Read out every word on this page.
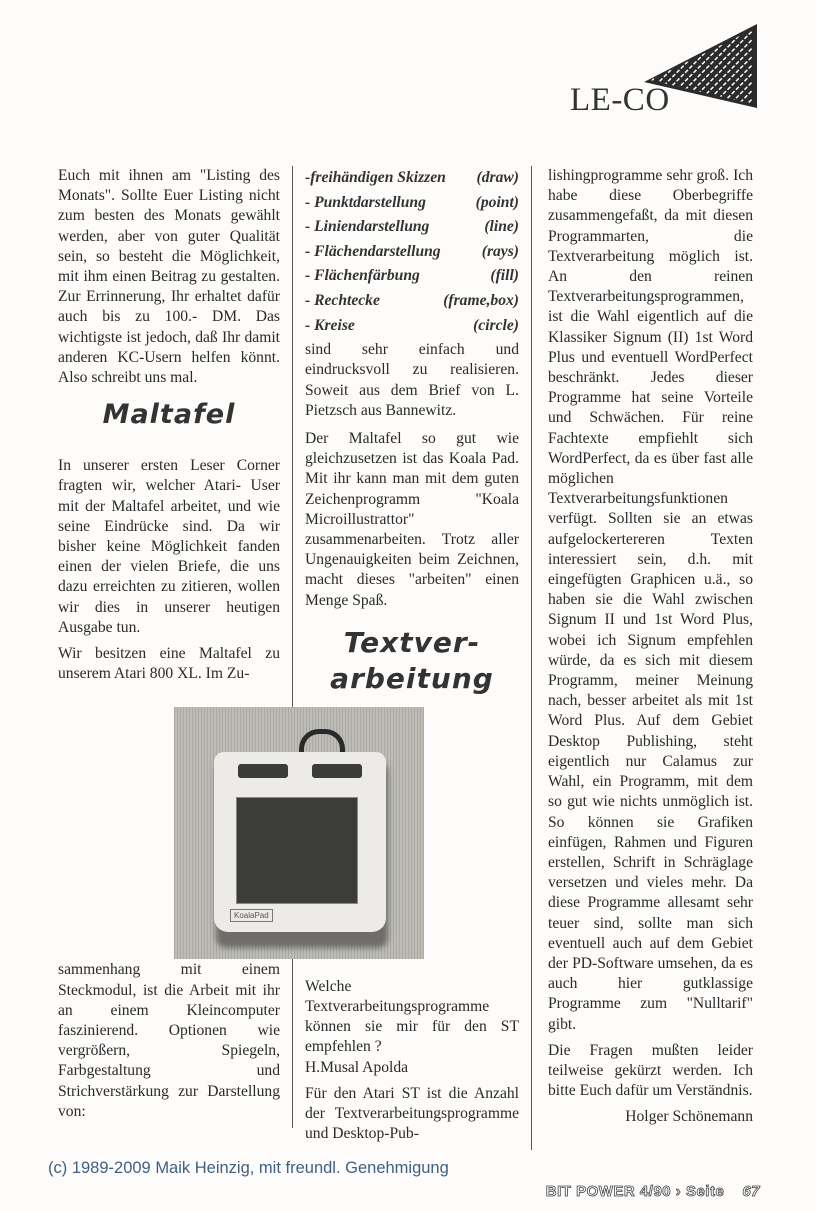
LE-CO

Euch mit ihnen am "Listing des Monats". Sollte Euer Listing nicht zum besten des Monats gewählt werden, aber von guter Qualität sein, so besteht die Möglichkeit, mit ihm einen Beitrag zu gestalten. Zur Errinnerung, Ihr erhaltet dafür auch bis zu 100.- DM. Das wichtigste ist jedoch, daß Ihr damit anderen KC-Usern helfen könnt. Also schreibt uns mal.

Maltafel

In unserer ersten Leser Corner fragten wir, welcher Atari- User mit der Maltafel arbeitet, und wie seine Eindrücke sind. Da wir bisher keine Möglichkeit fanden einen der vielen Briefe, die uns dazu erreichten zu zitieren, wollen wir dies in unserer heutigen Ausgabe tun.

Wir besitzen eine Maltafel zu unserem Atari 800 XL. Im Zu-

sammenhang mit einem Steckmodul, ist die Arbeit mit ihr an einem Kleincomputer faszinierend. Optionen wie vergrößern, Spiegeln, Farbgestaltung und Strichverstärkung zur Darstellung von:

-freihändigen Skizzen (draw)
- Punktdarstellung	(point)
- Liniendarstellung	(line)
- Flächendarstellung	(rays)
- Flächenfärbung	(fill)
- Rechtecke	(frame,box)
- Kreise	(circle)

sind sehr einfach und eindrucksvoll zu realisieren. Soweit aus dem Brief von L. Pietzsch aus Bannewitz.

Der Maltafel so gut wie gleichzusetzen ist das Koala Pad. Mit ihr kann man mit dem guten Zeichenprogramm "Koala Microillustrattor" zusammenarbeiten. Trotz aller Ungenauigkeiten beim Zeichnen, macht dieses "arbeiten" einen Menge Spaß.

Textver-
arbeitung
KoalaPad

Welche Textverarbeitungsprogramme können sie mir für den ST empfehlen ?
H.Musal Apolda

Für den Atari ST ist die Anzahl der Textverarbeitungsprogramme und Desktop-Pub-

lishingprogramme sehr groß. Ich habe diese Oberbegriffe zusammengefaßt, da mit diesen Programmarten, die Textverarbeitung möglich ist. An den reinen Textverarbeitungsprogrammen, ist die Wahl eigentlich auf die Klassiker Signum (II) 1st Word Plus und eventuell WordPerfect beschränkt. Jedes dieser Programme hat seine Vorteile und Schwächen. Für reine Fachtexte empfiehlt sich WordPerfect, da es über fast alle möglichen Textverarbeitungsfunktionen verfügt. Sollten sie an etwas aufgelockertereren Texten interessiert sein, d.h. mit eingefügten Graphicen u.ä., so haben sie die Wahl zwischen Signum II und 1st Word Plus, wobei ich Signum empfehlen würde, da es sich mit diesem Programm, meiner Meinung nach, besser arbeitet als mit 1st Word Plus. Auf dem Gebiet Desktop Publishing, steht eigentlich nur Calamus zur Wahl, ein Programm, mit dem so gut wie nichts unmöglich ist. So können sie Grafiken einfügen, Rahmen und Figuren erstellen, Schrift in Schräglage versetzen und vieles mehr. Da diese Programme allesamt sehr teuer sind, sollte man sich eventuell auch auf dem Gebiet der PD-Software umsehen, da es auch hier gutklassige Programme zum "Nulltarif" gibt.

Die Fragen mußten leider teilweise gekürzt werden. Ich bitte Euch dafür um Verständnis.

Holger Schönemann
(c) 1989-2009 Maik Heinzig, mit freundl. Genehmigung
BIT POWER 4/90 › Seite 67
